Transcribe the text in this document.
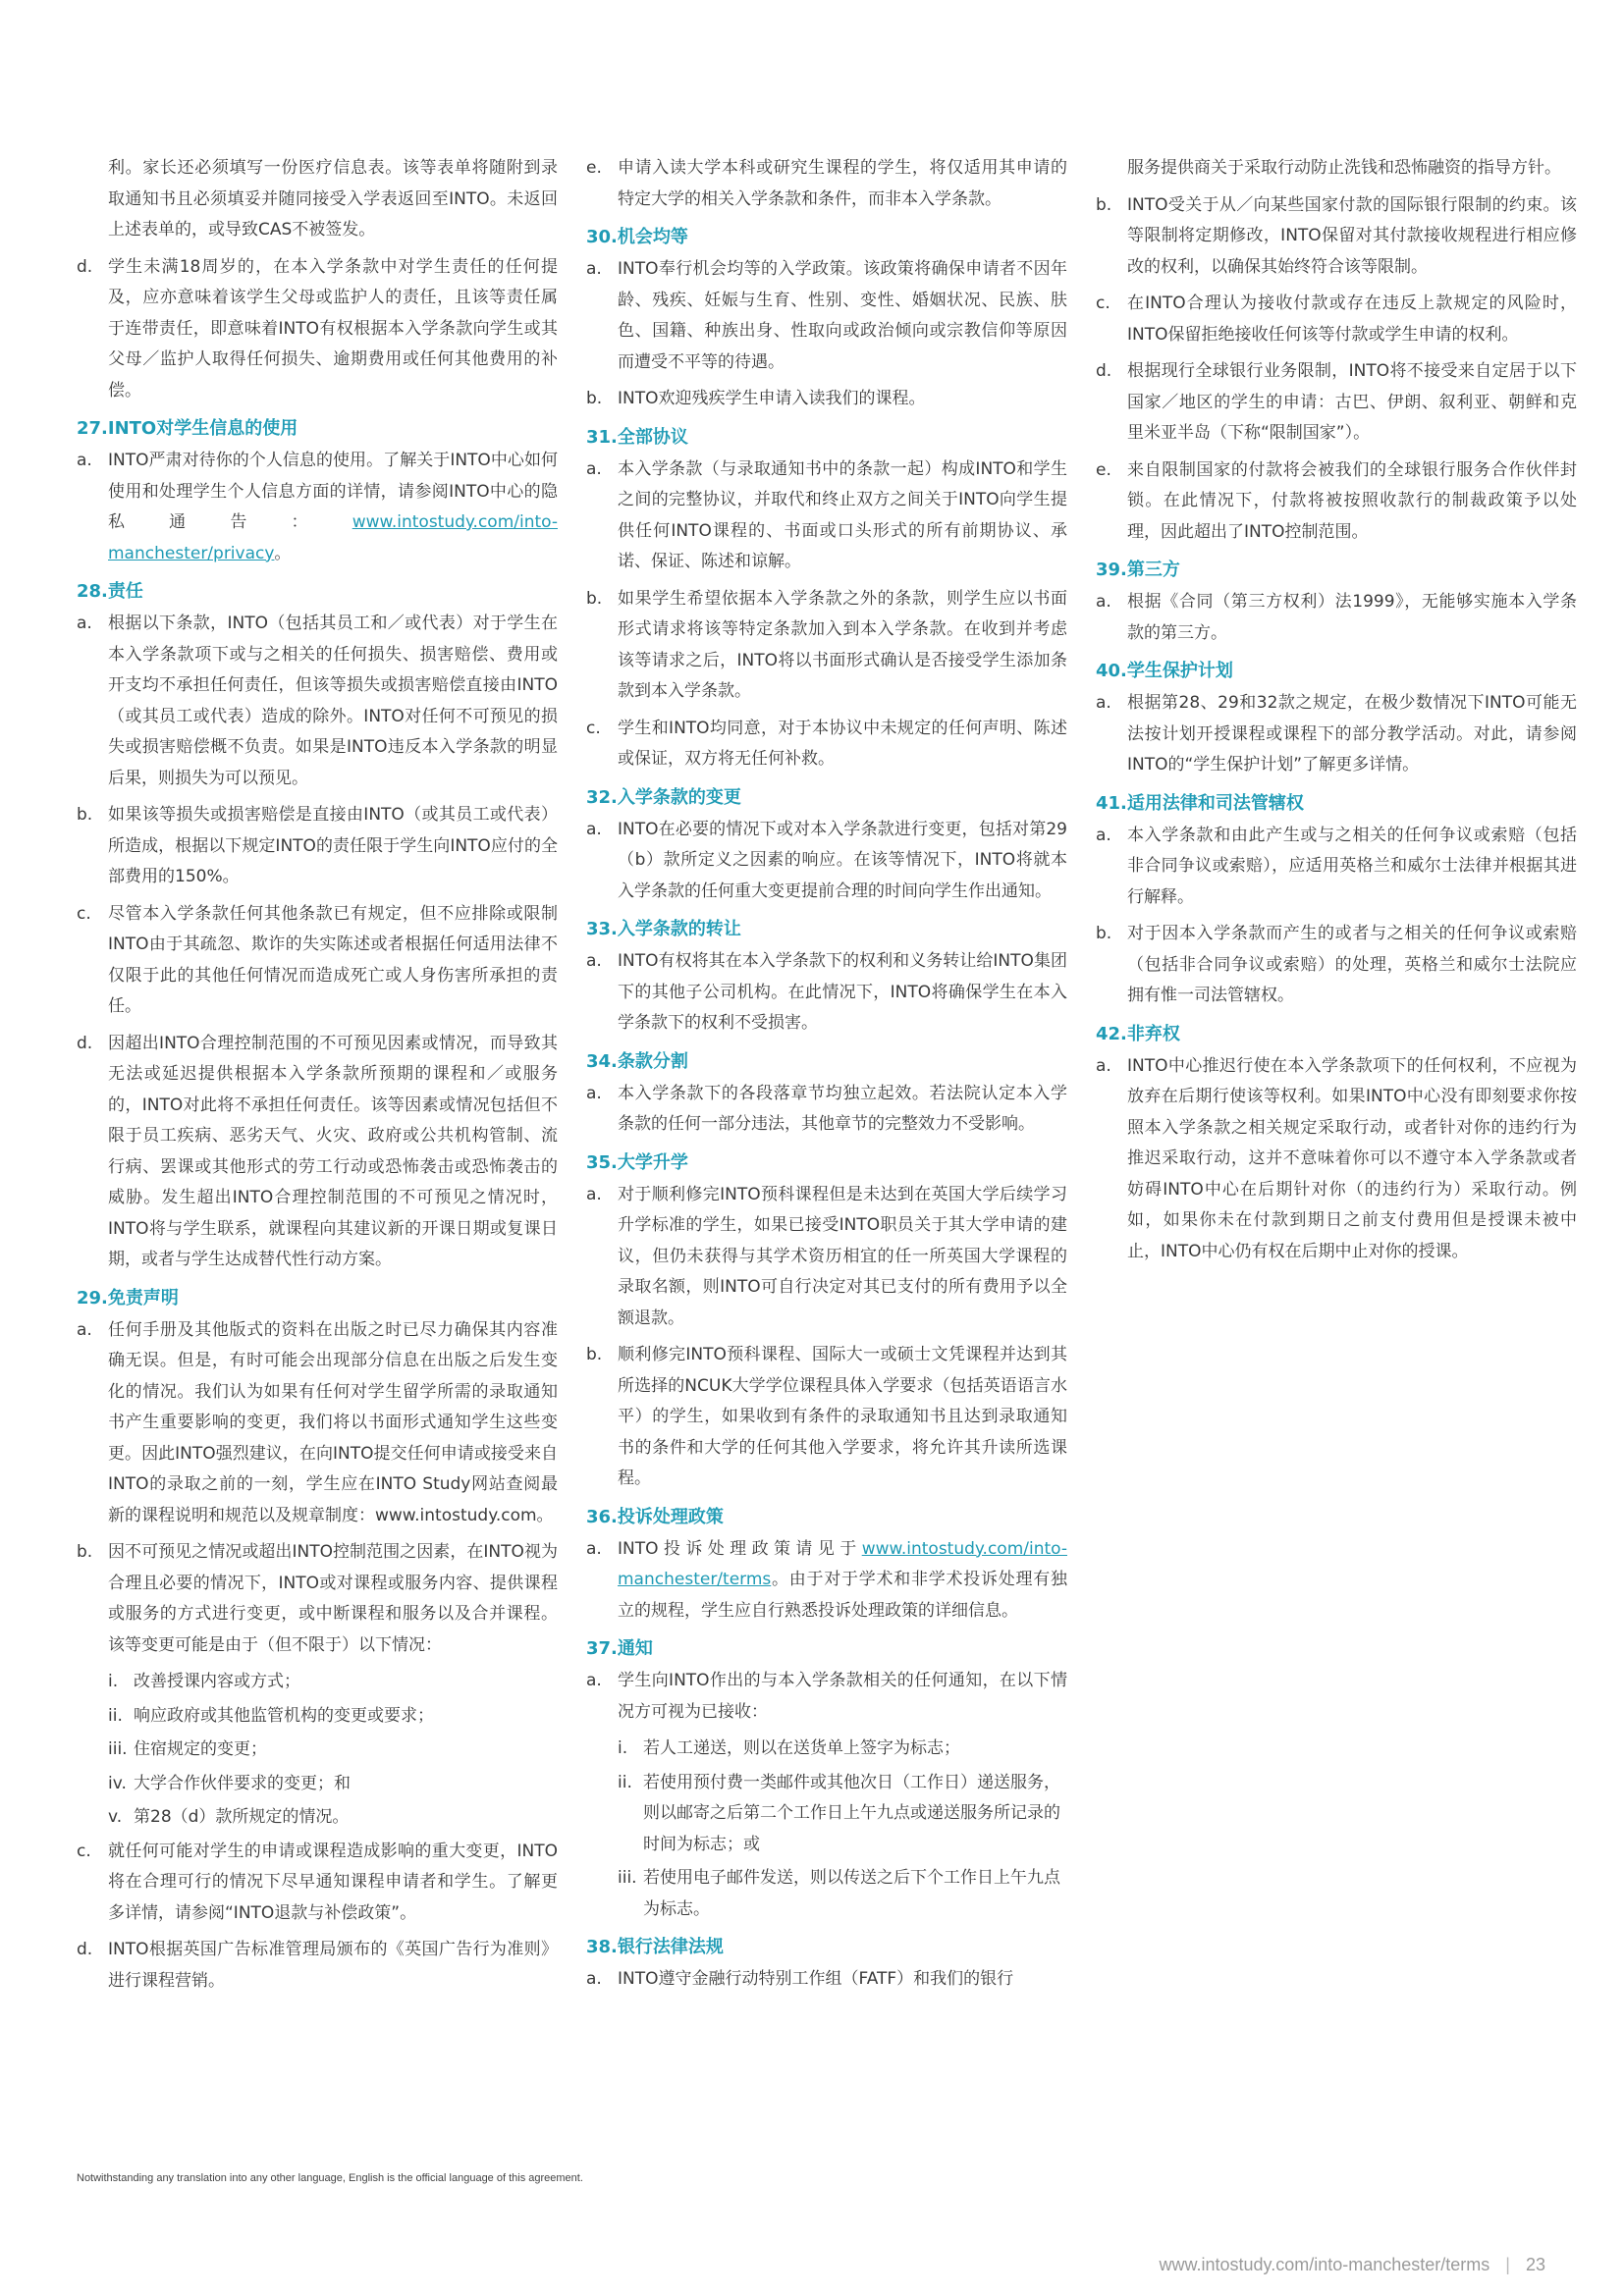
利。家长还必须填写一份医疗信息表。该等表单将随附到录取通知书且必须填妥并随同接受入学表返回至INTO。未返回上述表单的，或导致CAS不被签发。
d. 学生未满18周岁的，在本入学条款中对学生责任的任何提及，应亦意味着该学生父母或监护人的责任，且该等责任属于连带责任，即意味着INTO有权根据本入学条款向学生或其父母／监护人取得任何损失、逾期费用或任何其他费用的补偿。
27.INTO对学生信息的使用
a. INTO严肃对待你的个人信息的使用。了解关于INTO中心如何使用和处理学生个人信息方面的详情，请参阅INTO中心的隐私通告：www.intostudy.com/into-manchester/privacy。
28.责任
a. 根据以下条款，INTO（包括其员工和／或代表）对于学生在本入学条款项下或与之相关的任何损失、损害赔偿、费用或开支均不承担任何责任，但该等损失或损害赔偿直接由INTO（或其员工或代表）造成的除外。INTO对任何不可预见的损失或损害赔偿概不负责。如果是INTO违反本入学条款的明显后果，则损失为可以预见。
b. 如果该等损失或损害赔偿是直接由INTO（或其员工或代表）所造成，根据以下规定INTO的责任限于学生向INTO应付的全部费用的150%。
c.	尽管本入学条款任何其他条款已有规定，但不应排除或限制INTO由于其疏忽、欺诈的失实陈述或者根据任何适用法律不仅限于此的其他任何情况而造成死亡或人身伤害所承担的责任。
d. 因超出INTO合理控制范围的不可预见因素或情况，而导致其无法或延迟提供根据本入学条款所预期的课程和／或服务的，INTO对此将不承担任何责任。该等因素或情况包括但不限于员工疾病、恶劣天气、火灾、政府或公共机构管制、流行病、罢课或其他形式的劳工行动或恐怖袭击或恐怖袭击的威胁。发生超出INTO合理控制范围的不可预见之情况时，INTO将与学生联系，就课程向其建议新的开课日期或复课日期，或者与学生达成替代性行动方案。
29.免责声明
a. 任何手册及其他版式的资料在出版之时已尽力确保其内容准确无误。但是，有时可能会出现部分信息在出版之后发生变化的情况。我们认为如果有任何对学生留学所需的录取通知书产生重要影响的变更，我们将以书面形式通知学生这些变更。因此INTO强烈建议，在向INTO提交任何申请或接受来自INTO的录取之前的一刻，学生应在INTO Study网站查阅最新的课程说明和规范以及规章制度：www.intostudy.com。
b. 因不可预见之情况或超出INTO控制范围之因素，在INTO视为合理且必要的情况下，INTO或对课程或服务内容、提供课程或服务的方式进行变更，或中断课程和服务以及合并课程。该等变更可能是由于（但不限于）以下情况：
i. 改善授课内容或方式；
ii. 响应政府或其他监管机构的变更或要求；
iii. 住宿规定的变更；
iv. 大学合作伙伴要求的变更；和
v. 第28（d）款所规定的情况。
c.	就任何可能对学生的申请或课程造成影响的重大变更，INTO将在合理可行的情况下尽早通知课程申请者和学生。了解更多详情，请参阅“INTO退款与补偿政策”。
d. INTO根据英国广告标准管理局颁布的《英国广告行为准则》进行课程营销。
e. 申请入读大学本科或研究生课程的学生，将仅适用其申请的特定大学的相关入学条款和条件，而非本入学条款。
30.机会均等
a. INTO奉行机会均等的入学政策。该政策将确保申请者不因年龄、残疾、妊娠与生育、性别、变性、婚姻状况、民族、肤色、国籍、种族出身、性取向或政治倾向或宗教信仰等原因而遭受不平等的待遇。
b. INTO欢迎残疾学生申请入读我们的课程。
31.全部协议
a. 本入学条款（与录取通知书中的条款一起）构成INTO和学生之间的完整协议，并取代和终止双方之间关于INTO向学生提供任何INTO课程的、书面或口头形式的所有前期协议、承诺、保证、陈述和谅解。
b. 如果学生希望依据本入学条款之外的条款，则学生应以书面形式请求将该等特定条款加入到本入学条款。在收到并考虑该等请求之后，INTO将以书面形式确认是否接受学生添加条款到本入学条款。
c.	学生和INTO均同意，对于本协议中未规定的任何声明、陈述或保证，双方将无任何补救。
32.入学条款的变更
a. INTO在必要的情况下或对本入学条款进行变更，包括对第29（b）款所定义之因素的响应。在该等情况下，INTO将就本入学条款的任何重大变更提前合理的时间向学生作出通知。
33.入学条款的转让
a. INTO有权将其在本入学条款下的权利和义务转让给INTO集团下的其他子公司机构。在此情况下，INTO将确保学生在本入学条款下的权利不受损害。
34.条款分割
a. 本入学条款下的各段落章节均独立起效。若法院认定本入学条款的任何一部分违法，其他章节的完整效力不受影响。
35.大学升学
a. 对于顺利修完INTO预科课程但是未达到在英国大学后续学习升学标准的学生，如果已接受INTO职员关于其大学申请的建议，但仍未获得与其学术资历相宜的任一所英国大学课程的录取名额，则INTO可自行决定对其已支付的所有费用予以全额退款。
b. 顺利修完INTO预科课程、国际大一或硕士文凭课程并达到其所选择的NCUK大学学位课程具体入学要求（包括英语语言水平）的学生，如果收到有条件的录取通知书且达到录取通知书的条件和大学的任何其他入学要求，将允许其升读所选课程。
36.投诉处理政策
a. INTO投诉处理政策请见于www.intostudy.com/into-manchester/terms。由于对于学术和非学术投诉处理有独立的规程，学生应自行熟悉投诉处理政策的详细信息。
37.通知
a. 学生向INTO作出的与本入学条款相关的任何通知，在以下情况方可视为已接收：
i. 若人工递送，则以在送货单上签字为标志；
ii. 若使用预付费一类邮件或其他次日（工作日）递送服务，则以邮寄之后第二个工作日上午九点或递送服务所记录的时间为标志；或
iii. 若使用电子邮件发送，则以传送之后下个工作日上午九点为标志。
38.银行法律法规
a. INTO遵守金融行动特别工作组（FATF）和我们的银行
服务提供商关于采取行动防止洗钱和恐怖融资的指导方针。
b. INTO受关于从／向某些国家付款的国际银行限制的约束。该等限制将定期修改，INTO保留对其付款接收规程进行相应修改的权利，以确保其始终符合该等限制。
c.	在INTO合理认为接收付款或存在违反上款规定的风险时，INTO保留拒绝接收任何该等付款或学生申请的权利。
d. 根据现行全球银行业务限制，INTO将不接受来自定居于以下国家／地区的学生的申请：古巴、伊朗、叙利亚、朝鲜和克里米亚半岛（下称“限制国家”）。
e. 来自限制国家的付款将会被我们的全球银行服务合作伙伴封锁。在此情况下，付款将被按照收款行的制裁政策予以处理，因此超出了INTO控制范围。
39.第三方
a. 根据《合同（第三方权利）法1999》，无能够实施本入学条款的第三方。
40.学生保护计划
a. 根据第28、29和32款之规定，在极少数情况下INTO可能无法按计划开授课程或课程下的部分教学活动。对此，请参阅INTO的“学生保护计划”了解更多详情。
41.适用法律和司法管辖权
a. 本入学条款和由此产生或与之相关的任何争议或索赔（包括非合同争议或索赔），应适用英格兰和威尔士法律并根据其进行解释。
b. 对于因本入学条款而产生的或者与之相关的任何争议或索赔（包括非合同争议或索赔）的处理，英格兰和威尔士法院应拥有惟一司法管辖权。
42.非弃权
a. INTO中心推迟行使在本入学条款项下的任何权利，不应视为放弃在后期行使该等权利。如果INTO中心没有即刻要求你按照本入学条款之相关规定采取行动，或者针对你的违约行为推迟采取行动，这并不意味着你可以不遵守本入学条款或者妨碍INTO中心在后期针对你（的违约行为）采取行动。例如，如果你未在付款到期日之前支付费用但是授课未被中止，INTO中心仍有权在后期中止对你的授课。
Notwithstanding any translation into any other language, English is the official language of this agreement.
www.intostudy.com/into-manchester/terms | 23
